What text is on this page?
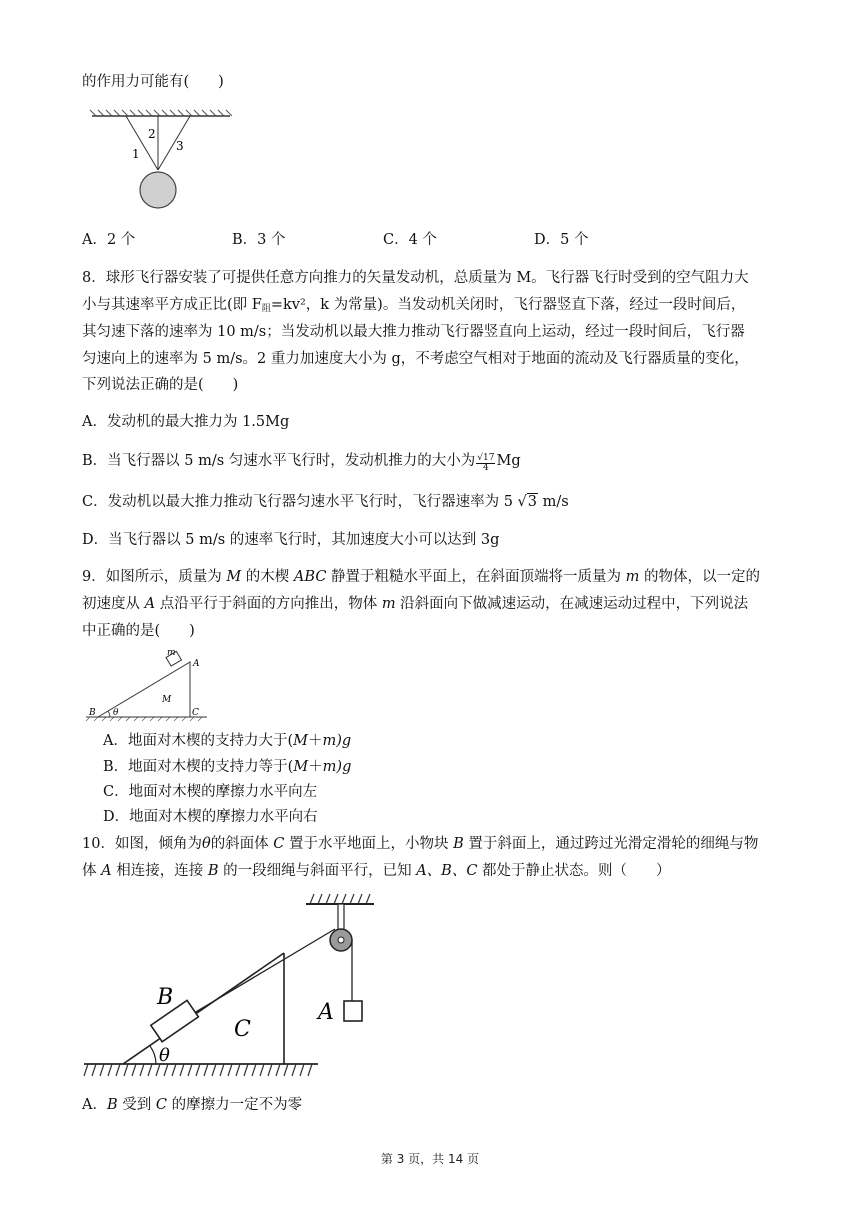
的作用力可能有(　　)
1
2
3
A．2 个	B．3 个	C．4 个	D．5 个
8．球形飞行器安装了可提供任意方向推力的矢量发动机，总质量为 M。飞行器飞行时受到的空气阻力大
小与其速率平方成正比(即 $F_阻=kv^2$，k 为常量)。当发动机关闭时，飞行器竖直下落，经过一段时间后，
其匀速下落的速率为 10 m/s；当发动机以最大推力推动飞行器竖直向上运动，经过一段时间后，飞行器
匀速向上的速率为 5 m/s。2 重力加速度大小为 g，不考虑空气相对于地面的流动及飞行器质量的变化，
下列说法正确的是(　　)
A．发动机的最大推力为 1.5Mg
B．当飞行器以 5 m/s 匀速水平飞行时，发动机推力的大小为 $\frac{√17}{4}$ Mg
C．发动机以最大推力推动飞行器匀速水平飞行时，飞行器速率为 5 √3 m/s
D．当飞行器以 5 m/s 的速率飞行时，其加速度大小可以达到 3g
9．如图所示，质量为 M 的木楔 ABC 静置于粗糙水平面上，在斜面顶端将一质量为 m 的物体，以一定的
初速度从 A 点沿平行于斜面的方向推出，物体 m 沿斜面向下做减速运动，在减速运动过程中，下列说法
中正确的是(　　)
m
A
M
B θ	C
A．地面对木楔的支持力大于(M＋m)g
B．地面对木楔的支持力等于(M＋m)g
C．地面对木楔的摩擦力水平向左
D．地面对木楔的摩擦力水平向右
10．如图，倾角为θ的斜面体 C 置于水平地面上，小物块 B 置于斜面上，通过跨过光滑定滑轮的细绳与物
体 A 相连接，连接 B 的一段细绳与斜面平行，已知 A、B、C 都处于静止状态。则（　　）
B
C
A
θ
A．B 受到 C 的摩擦力一定不为零
第 3 页，共 14 页
